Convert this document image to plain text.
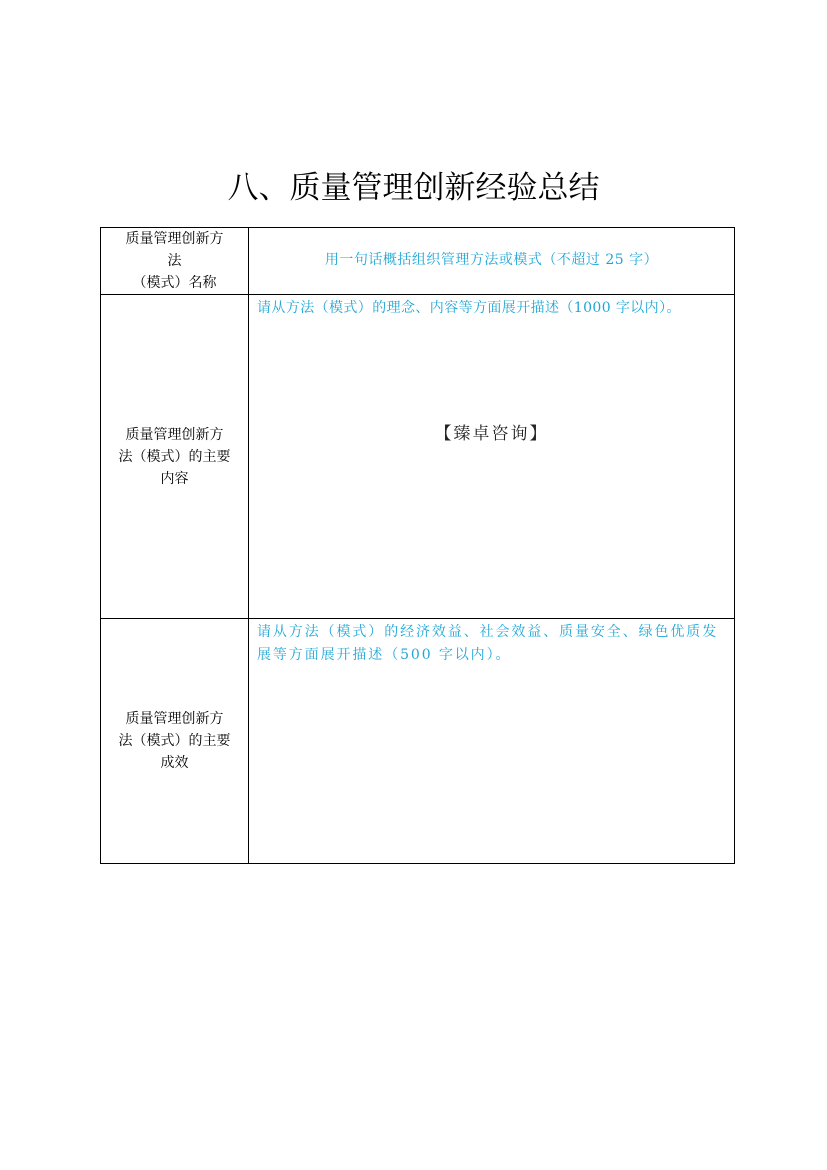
八、质量管理创新经验总结
质量管理创新方
法
（模式）名称	用一句话概括组织管理方法或模式（不超过 25 字）

质量管理创新方
法（模式）的主要
内容	请从方法（模式）的理念、内容等方面展开描述（1000 字以内）。
【臻卓咨询】

质量管理创新方
法（模式）的主要
成效	请从方法（模式）的经济效益、社会效益、质量安全、绿色优质发展等方面展开描述（500 字以内）。
